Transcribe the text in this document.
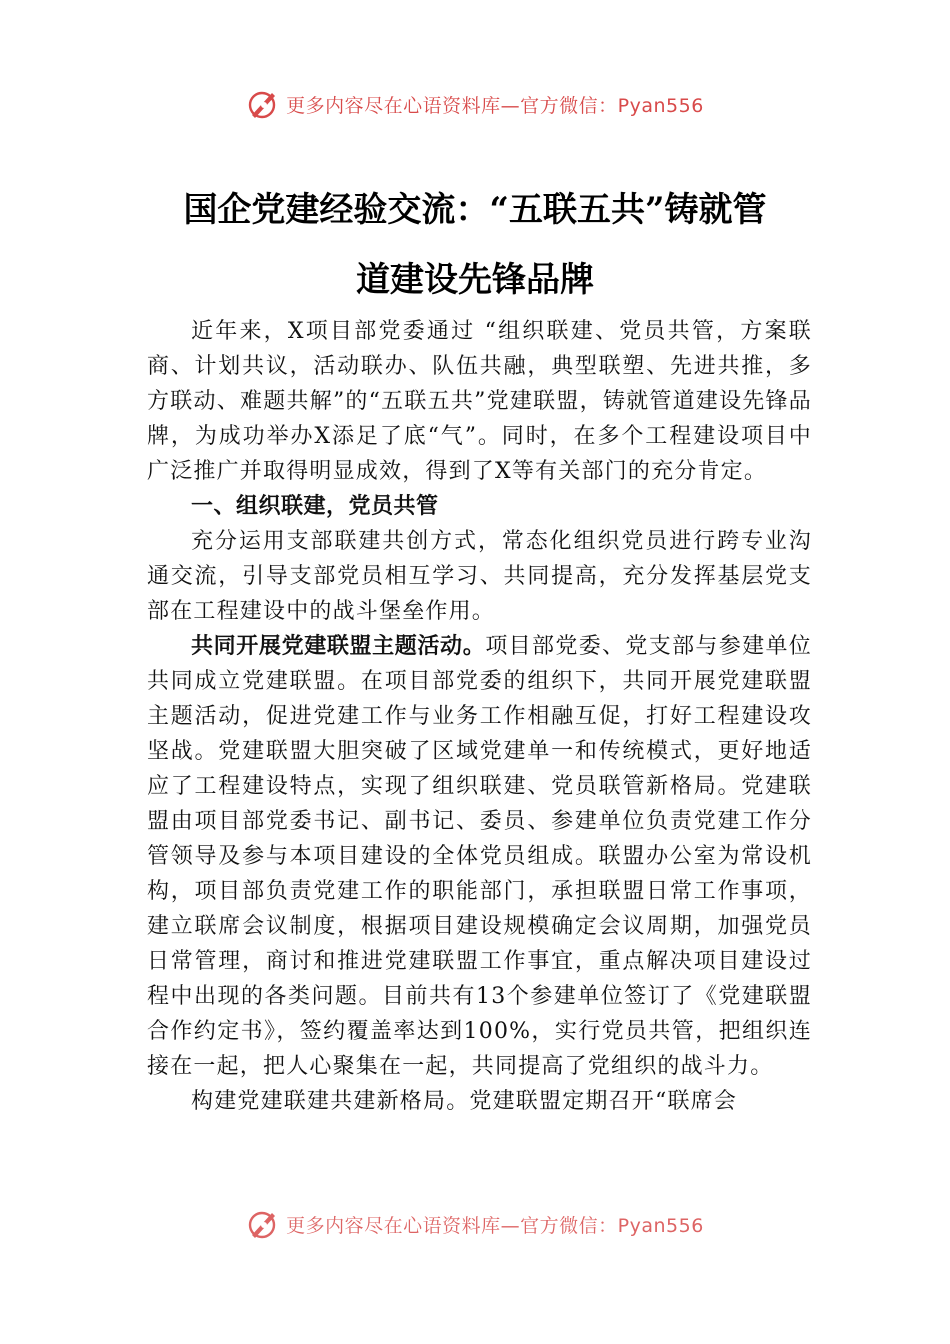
更多内容尽在心语资料库—官方微信：Pyan556
国企党建经验交流：“五联五共”铸就管
道建设先锋品牌

近年来，X项目部党委通过 “组织联建、党员共管，方案联商、计划共议，活动联办、队伍共融，典型联塑、先进共推，多方联动、难题共解”的“五联五共”党建联盟，铸就管道建设先锋品牌，为成功举办X添足了底“气”。同时，在多个工程建设项目中广泛推广并取得明显成效，得到了X等有关部门的充分肯定。

一、组织联建，党员共管

充分运用支部联建共创方式，常态化组织党员进行跨专业沟通交流，引导支部党员相互学习、共同提高，充分发挥基层党支部在工程建设中的战斗堡垒作用。

共同开展党建联盟主题活动。项目部党委、党支部与参建单位共同成立党建联盟。在项目部党委的组织下，共同开展党建联盟主题活动，促进党建工作与业务工作相融互促，打好工程建设攻坚战。党建联盟大胆突破了区域党建单一和传统模式，更好地适应了工程建设特点，实现了组织联建、党员联管新格局。党建联盟由项目部党委书记、副书记、委员、参建单位负责党建工作分管领导及参与本项目建设的全体党员组成。联盟办公室为常设机构，项目部负责党建工作的职能部门，承担联盟日常工作事项，建立联席会议制度，根据项目建设规模确定会议周期，加强党员日常管理，商讨和推进党建联盟工作事宜，重点解决项目建设过程中出现的各类问题。目前共有13个参建单位签订了《党建联盟合作约定书》，签约覆盖率达到100%，实行党员共管，把组织连接在一起，把人心聚集在一起，共同提高了党组织的战斗力。

构建党建联建共建新格局。党建联盟定期召开“联席会

更多内容尽在心语资料库—官方微信：Pyan556
